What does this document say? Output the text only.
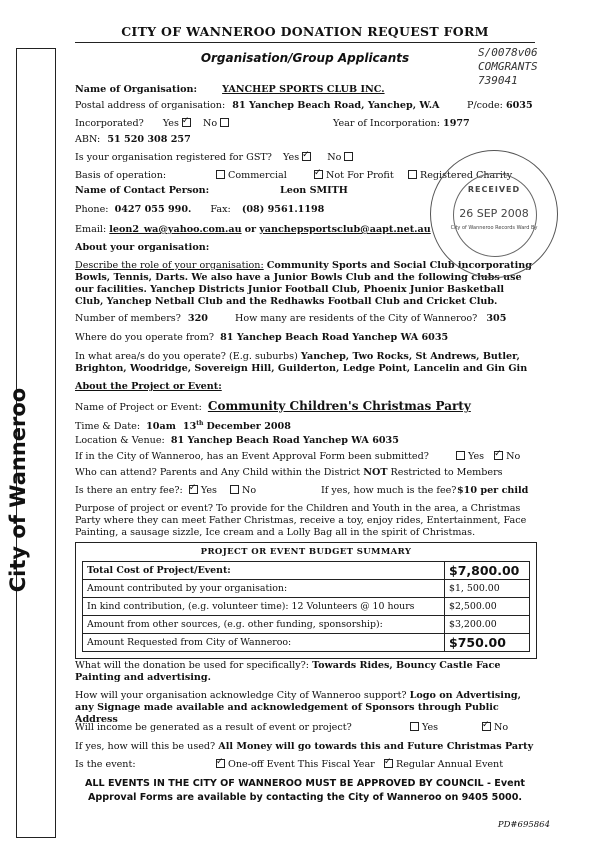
City of Wanneroo
CITY OF WANNEROO DONATION REQUEST FORM
Organisation/Group Applicants	S/0078v06
COMGRANTS
739041
Name of Organisation:	YANCHEP SPORTS CLUB INC.
Postal address of organisation: 81 Yanchep Beach Road, Yanchep, W.A	P/code: 6035
Incorporated? Yes ✓	No	Year of Incorporation: 1977
ABN: 51 520 308 257
Is your organisation registered for GST? Yes ✓	No
Basis of operation:	Commercial ✓	Not For Profit	Registered Charity
Name of Contact Person:	Leon SMITH
Phone: 0427 055 990. Fax: (08) 9561.1198
Email: leon2_wa@yahoo.com.au or yanchepsportsclub@aapt.net.au
About your organisation:
Describe the role of your organisation: Community Sports and Social Club incorporating Bowls, Tennis, Darts. We also have a Junior Bowls Club and the following clubs use our facilities. Yanchep Districts Junior Football Club, Phoenix Junior Basketball Club, Yanchep Netball Club and the Redhawks Football Club and Cricket Club.
Number of members? 320	How many are residents of the City of Wanneroo? 305
Where do you operate from? 81 Yanchep Beach Road Yanchep WA 6035
In what area/s do you operate? (E.g. suburbs) Yanchep, Two Rocks, St Andrews, Butler, Brighton, Woodridge, Sovereign Hill, Guilderton, Ledge Point, Lancelin and Gin Gin
About the Project or Event:
Name of Project or Event: Community Children's Christmas Party
Time & Date: 10am 13th December 2008
Location & Venue: 81 Yanchep Beach Road Yanchep WA 6035
If in the City of Wanneroo, has an Event Approval Form been submitted?	Yes ✓ No
Who can attend? Parents and Any Child within the District NOT Restricted to Members
Is there an entry fee?: ✓ Yes	No	If yes, how much is the fee? $10 per child
Purpose of project or event? To provide for the Children and Youth in the area, a Christmas Party where they can meet Father Christmas, receive a toy, enjoy rides, Entertainment, Face Painting, a sausage sizzle, Ice cream and a Lolly Bag all in the spirit of Christmas.
PROJECT OR EVENT BUDGET SUMMARY
Total Cost of Project/Event:	$7,800.00
Amount contributed by your organisation:	$1, 500.00
In kind contribution, (e.g. volunteer time): 12 Volunteers @ 10 hours	$2,500.00
Amount from other sources, (e.g. other funding, sponsorship):	$3,200.00
Amount Requested from City of Wanneroo:	$750.00
What will the donation be used for specifically?: Towards Rides, Bouncy Castle Face Painting and advertising.
How will your organisation acknowledge City of Wanneroo support? Logo on Advertising, any Signage made available and acknowledgement of Sponsors through Public Address
Will income be generated as a result of event or project?	Yes ✓	No
If yes, how will this be used? All Money will go towards this and Future Christmas Party
Is the event: ✓	One-off Event This Fiscal Year ✓	Regular Annual Event
RECEIVED
26 SEP 2008
City of Wanneroo Records Ward By
ALL EVENTS IN THE CITY OF WANNEROO MUST BE APPROVED BY COUNCIL - Event Approval Forms are available by contacting the City of Wanneroo on 9405 5000.
PD#695864
